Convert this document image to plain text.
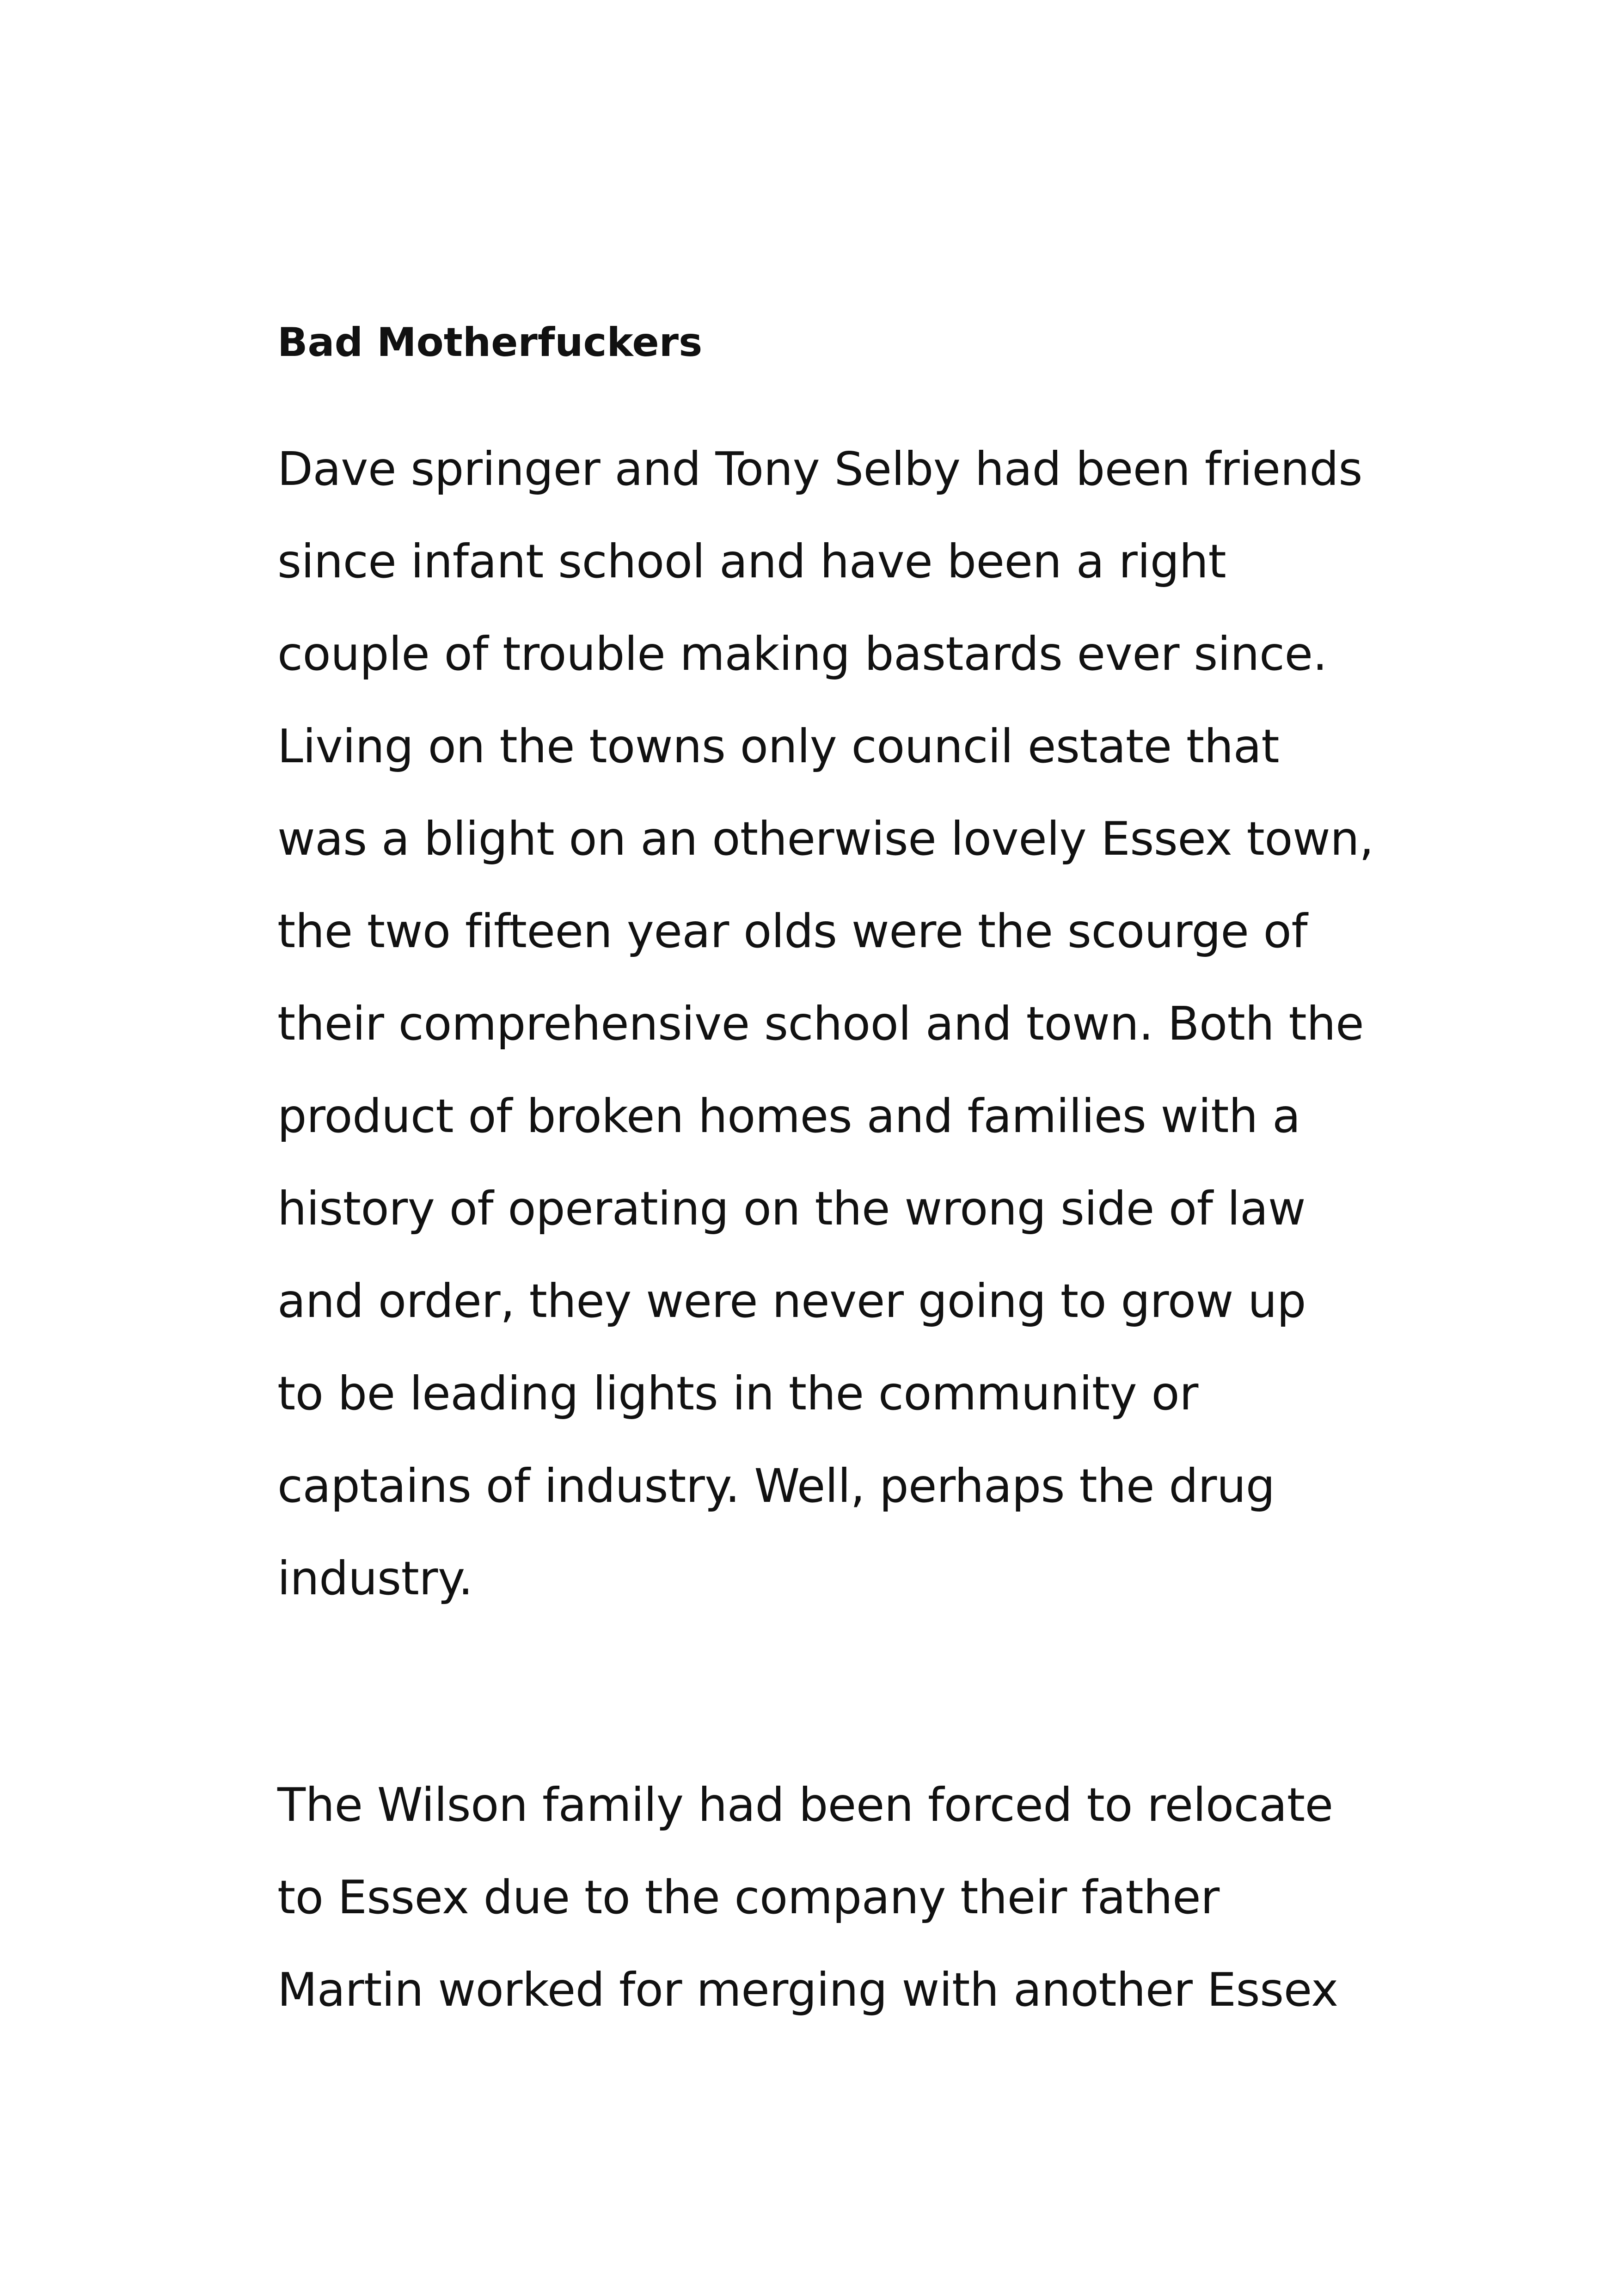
Bad Motherfuckers
Dave springer and Tony Selby had been friends
since infant school and have been a right
couple of trouble making bastards ever since.
Living on the towns only council estate that
was a blight on an otherwise lovely Essex town,
the two fifteen year olds were the scourge of
their comprehensive school and town. Both the
product of broken homes and families with a
history of operating on the wrong side of law
and order, they were never going to grow up
to be leading lights in the community or
captains of industry. Well, perhaps the drug
industry.
The Wilson family had been forced to relocate
to Essex due to the company their father
Martin worked for merging with another Essex
